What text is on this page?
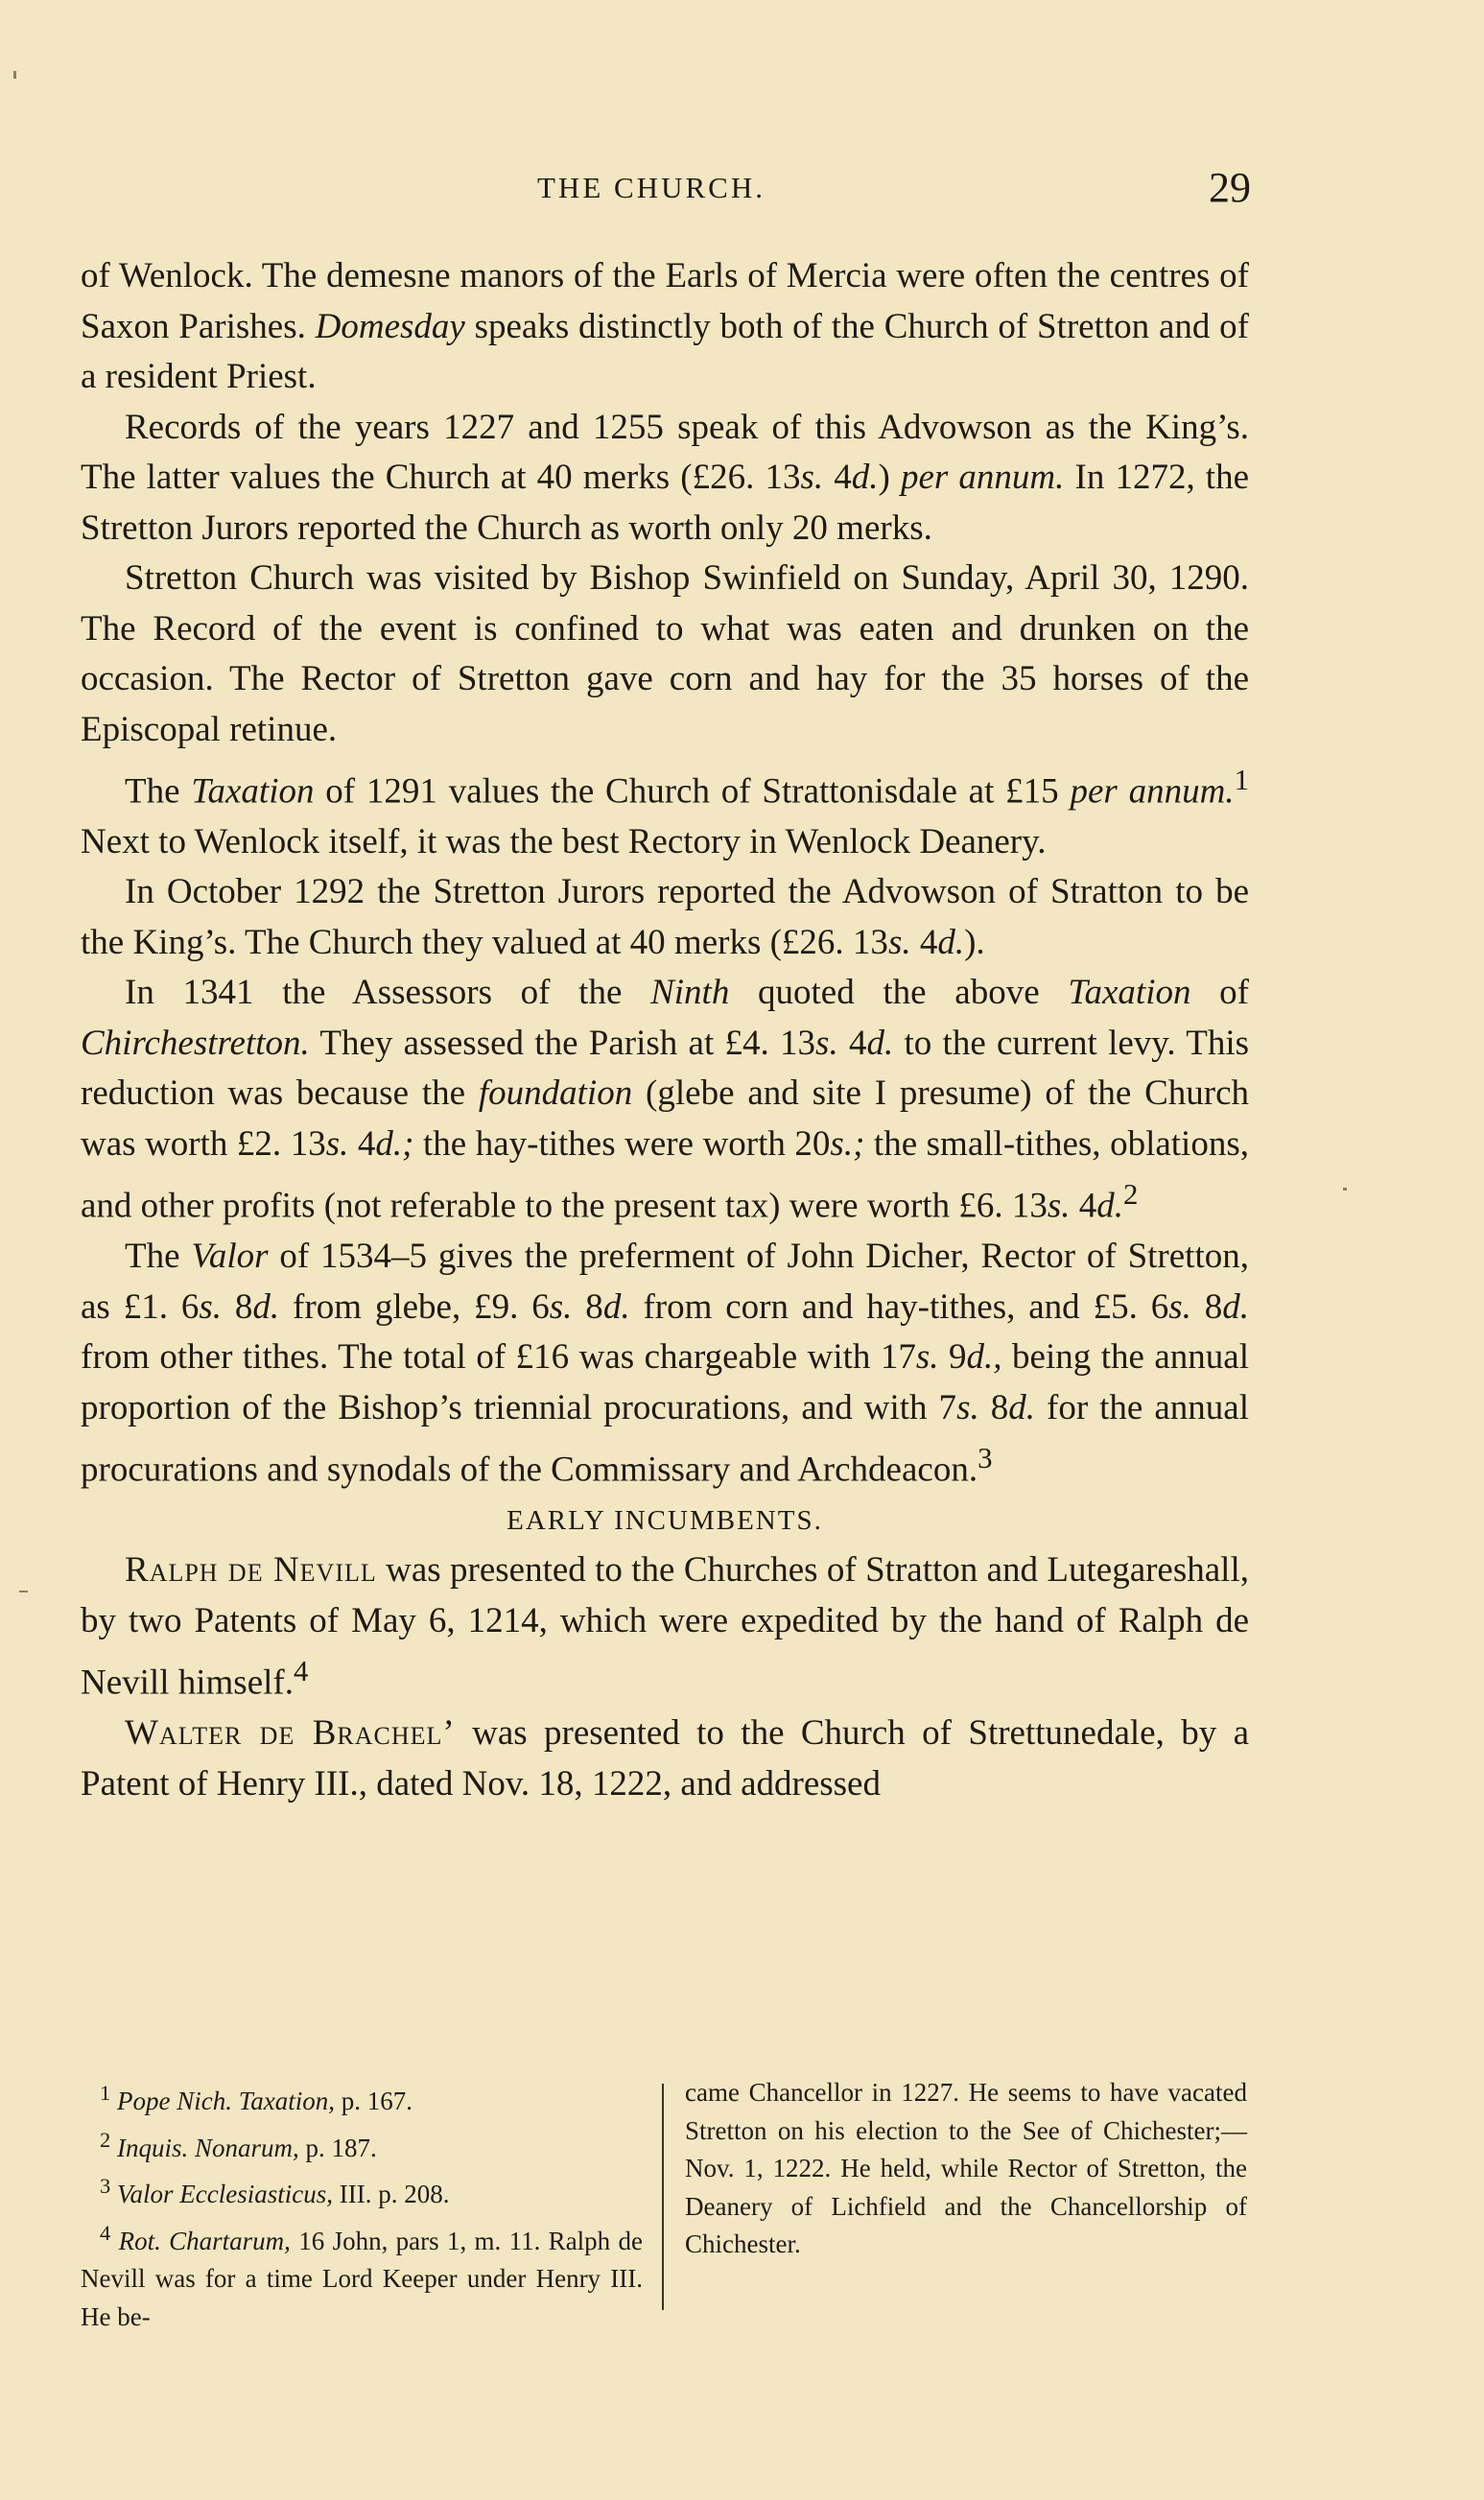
THE CHURCH.	29

of Wenlock. The demesne manors of the Earls of Mercia were often the centres of Saxon Parishes. Domesday speaks distinctly both of the Church of Stretton and of a resident Priest.

Records of the years 1227 and 1255 speak of this Advowson as the King’s. The latter values the Church at 40 merks (£26. 13s. 4d.) per annum. In 1272, the Stretton Jurors reported the Church as worth only 20 merks.

Stretton Church was visited by Bishop Swinfield on Sunday, April 30, 1290. The Record of the event is confined to what was eaten and drunken on the occasion. The Rector of Stretton gave corn and hay for the 35 horses of the Episcopal retinue.

The Taxation of 1291 values the Church of Strattonisdale at £15 per annum.$^1$ Next to Wenlock itself, it was the best Rectory in Wenlock Deanery.

In October 1292 the Stretton Jurors reported the Advowson of Stratton to be the King’s. The Church they valued at 40 merks (£26. 13s. 4d.).

In 1341 the Assessors of the Ninth quoted the above Taxation of Chirchestretton. They assessed the Parish at £4. 13s. 4d. to the current levy. This reduction was because the foundation (glebe and site I presume) of the Church was worth £2. 13s. 4d.; the hay-tithes were worth 20s.; the small-tithes, oblations, and other profits (not referable to the present tax) were worth £6. 13s. 4d.$^2$

The Valor of 1534–5 gives the preferment of John Dicher, Rector of Stretton, as £1. 6s. 8d. from glebe, £9. 6s. 8d. from corn and hay-tithes, and £5. 6s. 8d. from other tithes. The total of £16 was chargeable with 17s. 9d., being the annual proportion of the Bishop’s triennial procurations, and with 7s. 8d. for the annual procurations and synodals of the Commissary and Archdeacon.$^3$

EARLY INCUMBENTS.

Ralph de Nevill was presented to the Churches of Stratton and Lutegareshall, by two Patents of May 6, 1214, which were expedited by the hand of Ralph de Nevill himself.$^4$

Walter de Brachel’ was presented to the Church of Strettunedale, by a Patent of Henry III., dated Nov. 18, 1222, and addressed

$^1$ Pope Nich. Taxation, p. 167.

$^2$ Inquis. Nonarum, p. 187.

$^3$ Valor Ecclesiasticus, III. p. 208.

$^4$ Rot. Chartarum, 16 John, pars 1, m. 11. Ralph de Nevill was for a time Lord Keeper under Henry III. He be-

came Chancellor in 1227. He seems to have vacated Stretton on his election to the See of Chichester;—Nov. 1, 1222. He held, while Rector of Stretton, the Deanery of Lichfield and the Chancellorship of Chichester.
